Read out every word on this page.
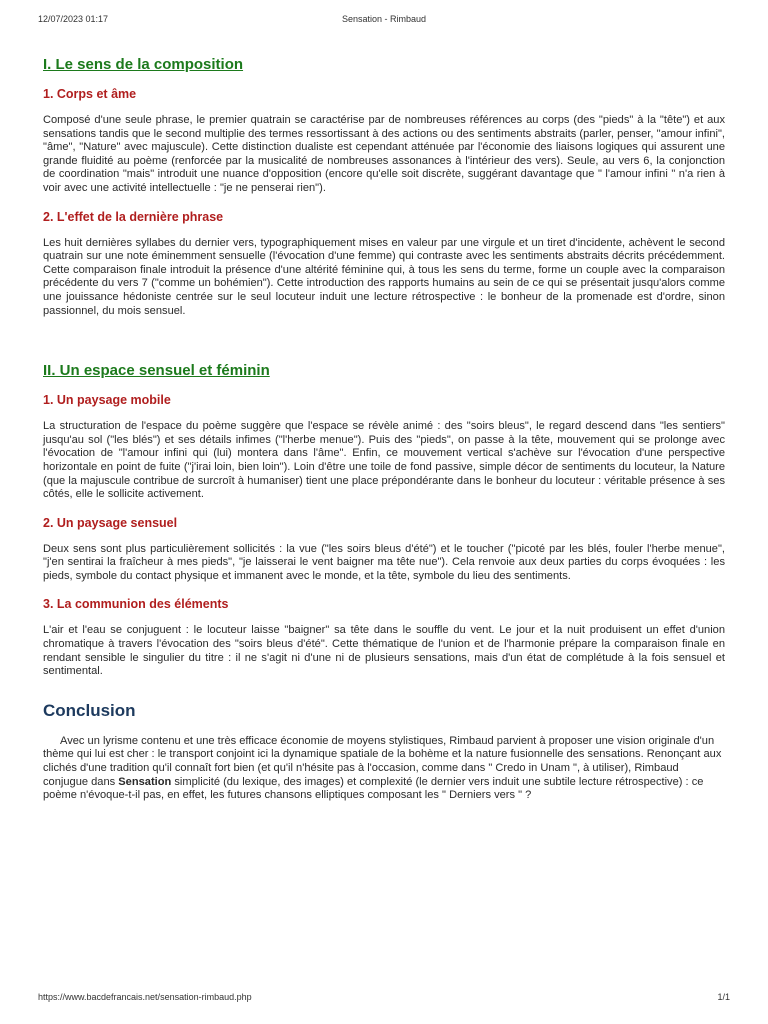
12/07/2023 01:17	Sensation - Rimbaud
I. Le sens de la composition
1. Corps et âme

Composé d'une seule phrase, le premier quatrain se caractérise par de nombreuses références au corps (des "pieds" à la "tête") et aux sensations tandis que le second multiplie des termes ressortissant à des actions ou des sentiments abstraits (parler, penser, "amour infini", "âme", "Nature" avec majuscule). Cette distinction dualiste est cependant atténuée par l'économie des liaisons logiques qui assurent une grande fluidité au poème (renforcée par la musicalité de nombreuses assonances à l'intérieur des vers). Seule, au vers 6, la conjonction de coordination "mais" introduit une nuance d'opposition (encore qu'elle soit discrète, suggérant davantage que " l'amour infini " n'a rien à voir avec une activité intellectuelle : "je ne penserai rien").

2. L'effet de la dernière phrase

Les huit dernières syllabes du dernier vers, typographiquement mises en valeur par une virgule et un tiret d'incidente, achèvent le second quatrain sur une note éminemment sensuelle (l'évocation d'une femme) qui contraste avec les sentiments abstraits décrits précédemment. Cette comparaison finale introduit la présence d'une altérité féminine qui, à tous les sens du terme, forme un couple avec la comparaison précédente du vers 7 ("comme un bohémien"). Cette introduction des rapports humains au sein de ce qui se présentait jusqu'alors comme une jouissance hédoniste centrée sur le seul locuteur induit une lecture rétrospective : le bonheur de la promenade est d'ordre, sinon passionnel, du mois sensuel.

II. Un espace sensuel et féminin
1. Un paysage mobile

La structuration de l'espace du poème suggère que l'espace se révèle animé : des "soirs bleus", le regard descend dans "les sentiers" jusqu'au sol ("les blés") et ses détails infimes ("l'herbe menue"). Puis des "pieds", on passe à la tête, mouvement qui se prolonge avec l'évocation de "l'amour infini qui (lui) montera dans l'âme". Enfin, ce mouvement vertical s'achève sur l'évocation d'une perspective horizontale en point de fuite ("j'irai loin, bien loin"). Loin d'être une toile de fond passive, simple décor de sentiments du locuteur, la Nature (que la majuscule contribue de surcroît à humaniser) tient une place prépondérante dans le bonheur du locuteur : véritable présence à ses côtés, elle le sollicite activement.

2. Un paysage sensuel

Deux sens sont plus particulièrement sollicités : la vue ("les soirs bleus d'été") et le toucher ("picoté par les blés, fouler l'herbe menue", "j'en sentirai la fraîcheur à mes pieds", "je laisserai le vent baigner ma tête nue"). Cela renvoie aux deux parties du corps évoquées : les pieds, symbole du contact physique et immanent avec le monde, et la tête, symbole du lieu des sentiments.

3. La communion des éléments

L'air et l'eau se conjuguent : le locuteur laisse "baigner" sa tête dans le souffle du vent. Le jour et la nuit produisent un effet d'union chromatique à travers l'évocation des "soirs bleus d'été". Cette thématique de l'union et de l'harmonie prépare la comparaison finale en rendant sensible le singulier du titre : il ne s'agit ni d'une ni de plusieurs sensations, mais d'un état de complétude à la fois sensuel et sentimental.

Conclusion

Avec un lyrisme contenu et une très efficace économie de moyens stylistiques, Rimbaud parvient à proposer une vision originale d'un thème qui lui est cher : le transport conjoint ici la dynamique spatiale de la bohème et la nature fusionnelle des sensations. Renonçant aux clichés d'une tradition qu'il connaît fort bien (et qu'il n'hésite pas à l'occasion, comme dans " Credo in Unam ", à utiliser), Rimbaud conjugue dans Sensation simplicité (du lexique, des images) et complexité (le dernier vers induit une subtile lecture rétrospective) : ce poème n'évoque-t-il pas, en effet, les futures chansons elliptiques composant les " Derniers vers " ?

https://www.bacdefrancais.net/sensation-rimbaud.php	1/1
